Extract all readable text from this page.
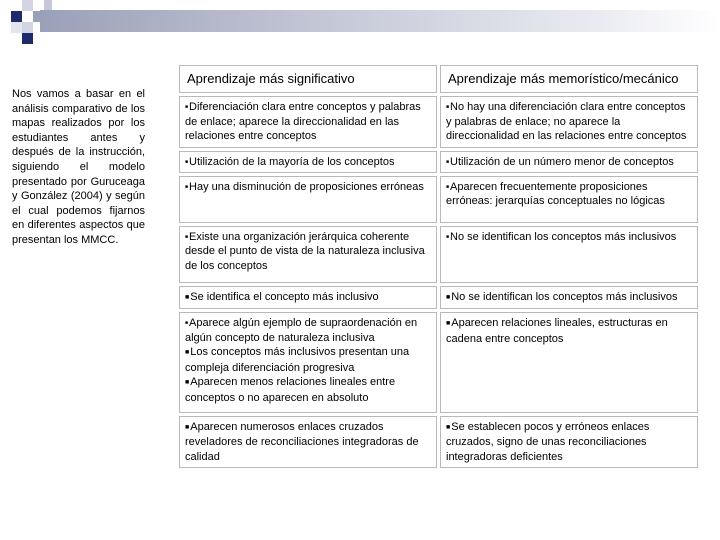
Nos vamos a basar en el análisis comparativo de los mapas realizados por los estudiantes antes y después de la instrucción, siguiendo el modelo presentado por Guruceaga y González (2004) y según el cual podemos fijarnos en diferentes aspectos que presentan los MMCC.
Aprendizaje más significativo	Aprendizaje más memorístico/mecánico

■Diferenciación clara entre conceptos y palabras de enlace; aparece la direccionalidad en las relaciones entre conceptos	■No hay una diferenciación clara entre conceptos y palabras de enlace; no aparece la direccionalidad en las relaciones entre conceptos

■Utilización de la mayoría de los conceptos	■Utilización de un número menor de conceptos

■Hay una disminución de proposiciones erróneas	■Aparecen frecuentemente proposiciones erróneas: jerarquías conceptuales no lógicas

■Existe una organización jerárquica coherente desde el punto de vista de la naturaleza inclusiva de los conceptos	■No se identifican los conceptos más inclusivos

■Se identifica el concepto más inclusivo	■No se identifican los conceptos más inclusivos

■Aparece algún ejemplo de supraordenación en algún concepto de naturaleza inclusiva
■Los conceptos más inclusivos presentan una compleja diferenciación progresiva
■Aparecen menos relaciones lineales entre conceptos o no aparecen en absoluto	■Aparecen relaciones lineales, estructuras en cadena entre conceptos

■Aparecen numerosos enlaces cruzados reveladores de reconciliaciones integradoras de calidad	■Se establecen pocos y erróneos enlaces cruzados, signo de unas reconciliaciones integradoras deficientes
